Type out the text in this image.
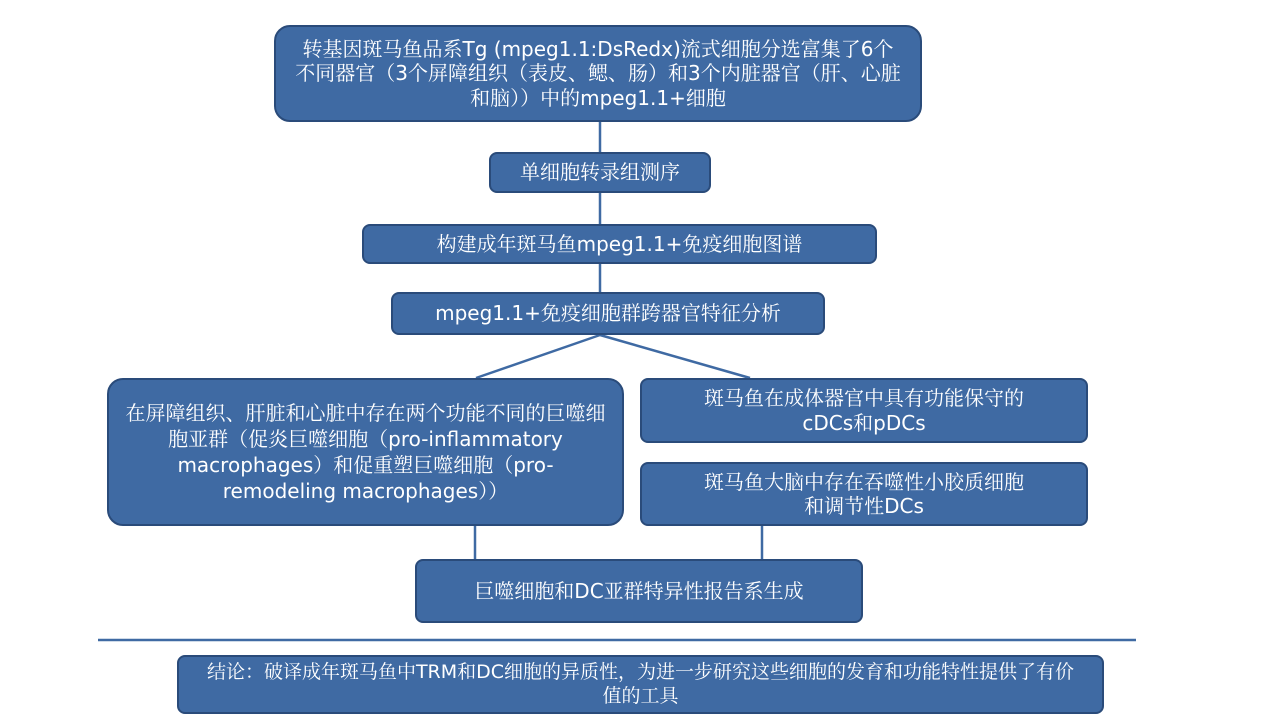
转基因斑马鱼品系Tg (mpeg1.1:DsRedx)流式细胞分选富集了6个不同器官（3个屏障组织（表皮、鳃、肠）和3个内脏器官（肝、心脏和脑））中的mpeg1.1+细胞
单细胞转录组测序
构建成年斑马鱼mpeg1.1+免疫细胞图谱
mpeg1.1+免疫细胞群跨器官特征分析
在屏障组织、肝脏和心脏中存在两个功能不同的巨噬细胞亚群（促炎巨噬细胞（pro-inflammatory macrophages）和促重塑巨噬细胞（pro-remodeling macrophages））
斑马鱼在成体器官中具有功能保守的cDCs和pDCs
斑马鱼大脑中存在吞噬性小胶质细胞和调节性DCs
巨噬细胞和DC亚群特异性报告系生成
结论：破译成年斑马鱼中TRM和DC细胞的异质性，为进一步研究这些细胞的发育和功能特性提供了有价值的工具
